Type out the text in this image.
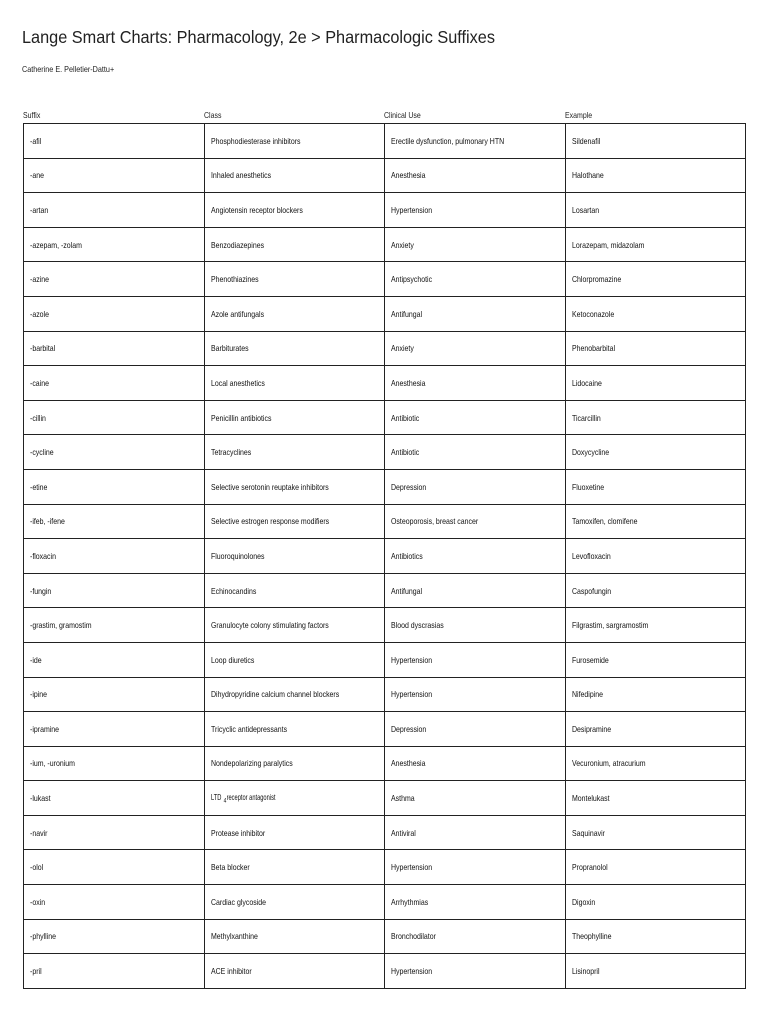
Lange Smart Charts: Pharmacology, 2e > Pharmacologic Suffixes
Catherine E. Pelletier-Dattu+
Suffix	Class	Clinical Use	Example
-afil	Phosphodiesterase inhibitors	Erectile dysfunction, pulmonary HTN	Sildenafil
-ane	Inhaled anesthetics	Anesthesia	Halothane
-artan	Angiotensin receptor blockers	Hypertension	Losartan
-azepam, -zolam	Benzodiazepines	Anxiety	Lorazepam, midazolam
-azine	Phenothiazines	Antipsychotic	Chlorpromazine
-azole	Azole antifungals	Antifungal	Ketoconazole
-barbital	Barbiturates	Anxiety	Phenobarbital
-caine	Local anesthetics	Anesthesia	Lidocaine
-cillin	Penicillin antibiotics	Antibiotic	Ticarcillin
-cycline	Tetracyclines	Antibiotic	Doxycycline
-etine	Selective serotonin reuptake inhibitors	Depression	Fluoxetine
-ifeb, -ifene	Selective estrogen response modifiers	Osteoporosis, breast cancer	Tamoxifen, clomifene
-floxacin	Fluoroquinolones	Antibiotics	Levofloxacin
-fungin	Echinocandins	Antifungal	Caspofungin
-grastim, gramostim	Granulocyte colony stimulating factors	Blood dyscrasias	Filgrastim, sargramostim
-ide	Loop diuretics	Hypertension	Furosemide
-ipine	Dihydropyridine calcium channel blockers	Hypertension	Nifedipine
-ipramine	Tricyclic antidepressants	Depression	Desipramine
-ium, -uronium	Nondepolarizing paralytics	Anesthesia	Vecuronium, atracurium
-lukast	LTD $_4$receptor antagonist	Asthma	Montelukast
-navir	Protease inhibitor	Antiviral	Saquinavir
-olol	Beta blocker	Hypertension	Propranolol
-oxin	Cardiac glycoside	Arrhythmias	Digoxin
-phylline	Methylxanthine	Bronchodilator	Theophylline
-pril	ACE inhibitor	Hypertension	Lisinopril
